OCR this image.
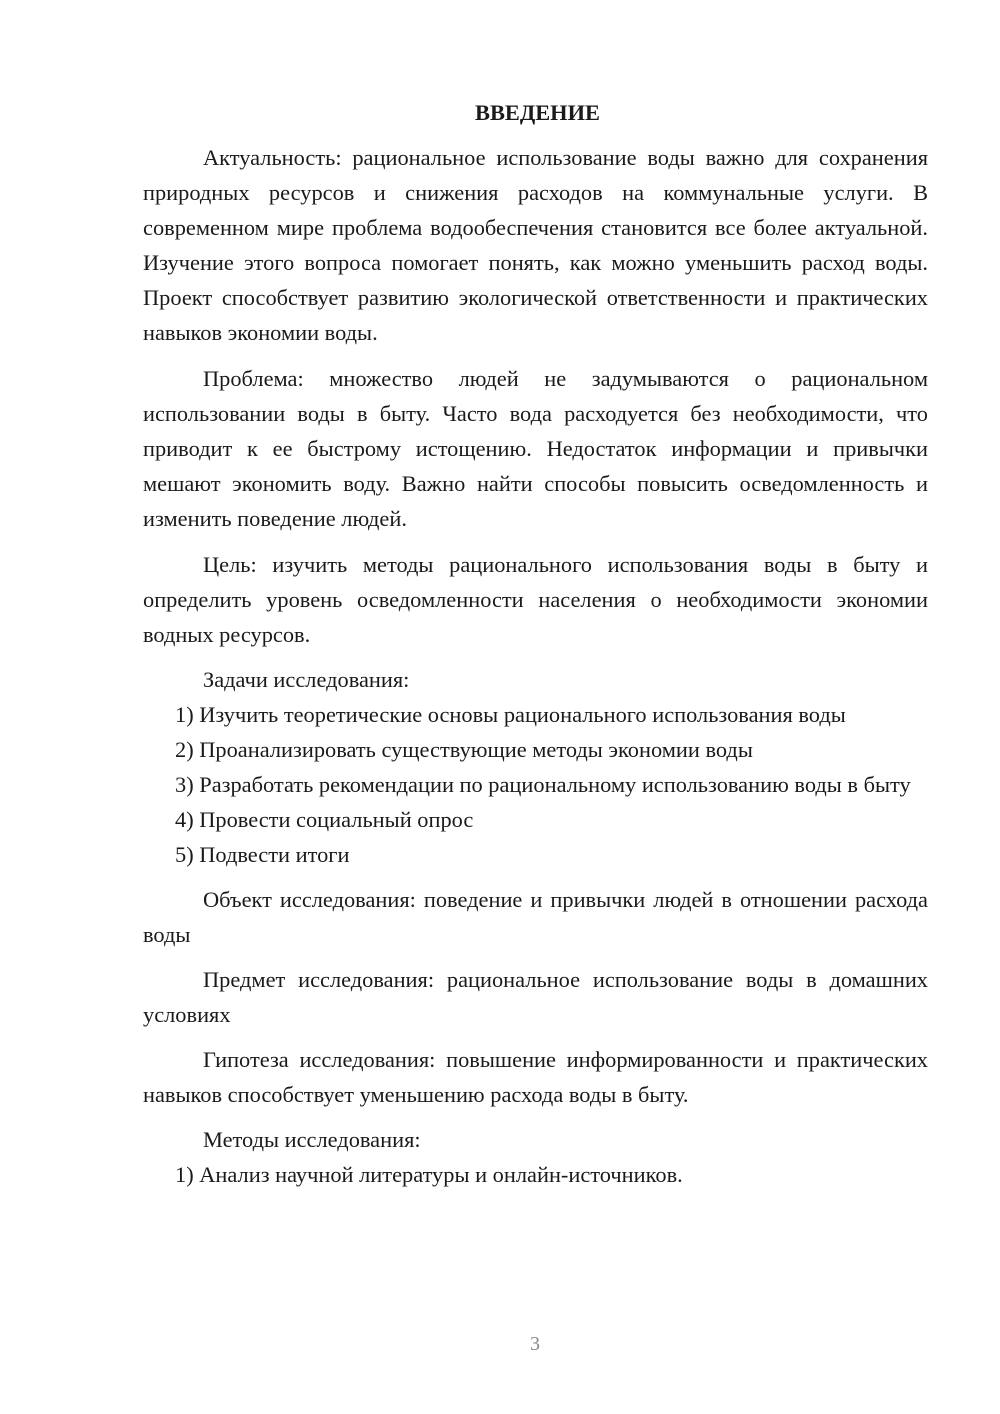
ВВЕДЕНИЕ

Актуальность: рациональное использование воды важно для сохранения природных ресурсов и снижения расходов на коммунальные услуги. В современном мире проблема водообеспечения становится все более актуальной. Изучение этого вопроса помогает понять, как можно уменьшить расход воды. Проект способствует развитию экологической ответственности и практических навыков экономии воды.

Проблема: множество людей не задумываются о рациональном использовании воды в быту. Часто вода расходуется без необходимости, что приводит к ее быстрому истощению. Недостаток информации и привычки мешают экономить воду. Важно найти способы повысить осведомленность и изменить поведение людей.

Цель: изучить методы рационального использования воды в быту и определить уровень осведомленности населения о необходимости экономии водных ресурсов.

Задачи исследования:

1) Изучить теоретические основы рационального использования воды

2) Проанализировать существующие методы экономии воды

3) Разработать рекомендации по рациональному использованию воды в быту

4) Провести социальный опрос

5) Подвести итоги

Объект исследования: поведение и привычки людей в отношении расхода воды

Предмет исследования: рациональное использование воды в домашних условиях

Гипотеза исследования: повышение информированности и практических навыков способствует уменьшению расхода воды в быту.

Методы исследования:

1) Анализ научной литературы и онлайн-источников.

3
